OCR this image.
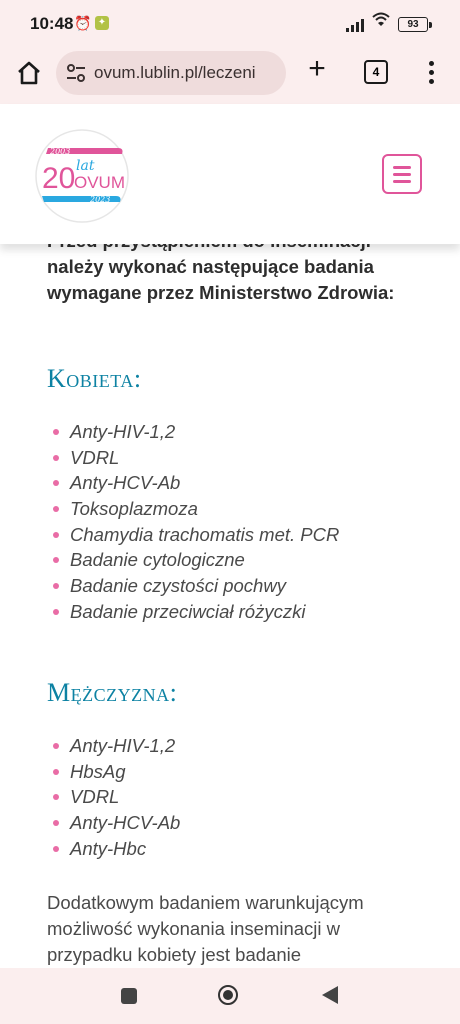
należy wykonać następujące badania wymagane przez Ministerstwo Zdrowia:
Kobieta:
Anty-HIV-1,2
VDRL
Anty-HCV-Ab
Toksoplazmoza
Chamydia trachomatis met. PCR
Badanie cytologiczne
Badanie czystości pochwy
Badanie przeciwciał różyczki
Mężczyzna:
Anty-HIV-1,2
HbsAg
VDRL
Anty-HCV-Ab
Anty-Hbc
Dodatkowym badaniem warunkującym możliwość wykonania inseminacji w przypadku kobiety jest badanie
10:48 ⏰ ✦	93
ovum.lublin.pl/leczeni +	4
2003
20 lat
OVUM
2023
